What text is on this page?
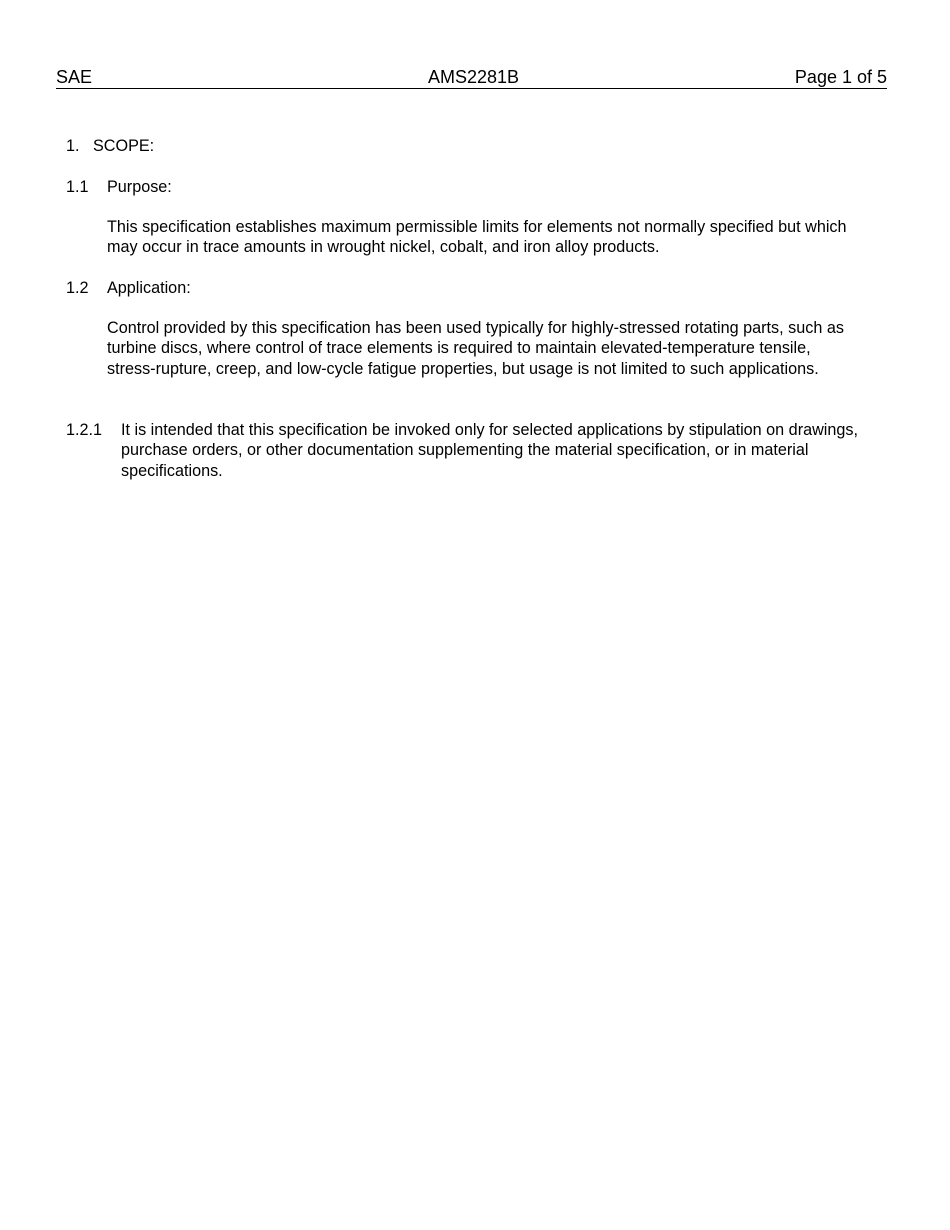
SAE	AMS2281B	Page 1 of 5
1. SCOPE:
1.1 Purpose:
This specification establishes maximum permissible limits for elements not normally specified but which may occur in trace amounts in wrought nickel, cobalt, and iron alloy products.
1.2 Application:
Control provided by this specification has been used typically for highly-stressed rotating parts, such as turbine discs, where control of trace elements is required to maintain elevated-temperature tensile, stress-rupture, creep, and low-cycle fatigue properties, but usage is not limited to such applications.
1.2.1 It is intended that this specification be invoked only for selected applications by stipulation on drawings, purchase orders, or other documentation supplementing the material specification, or in material specifications.
